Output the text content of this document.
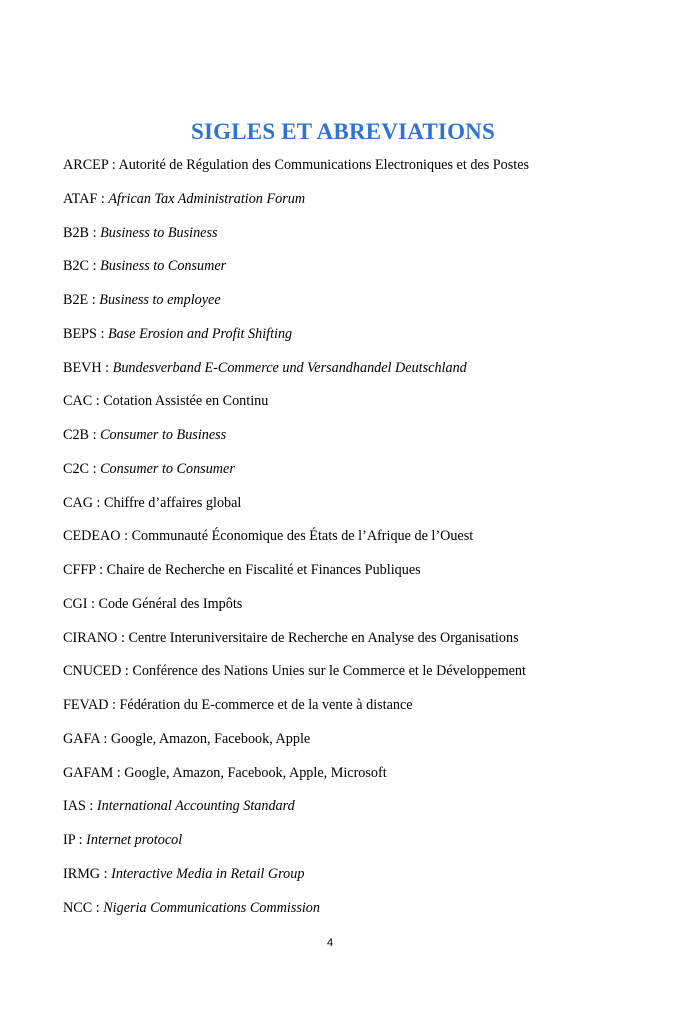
SIGLES ET ABREVIATIONS
ARCEP : Autorité de Régulation des Communications Electroniques et des Postes
ATAF : African Tax Administration Forum
B2B : Business to Business
B2C : Business to Consumer
B2E : Business to employee
BEPS : Base Erosion and Profit Shifting
BEVH : Bundesverband E-Commerce und Versandhandel Deutschland
CAC : Cotation Assistée en Continu
C2B : Consumer to Business
C2C : Consumer to Consumer
CAG : Chiffre d’affaires global
CEDEAO : Communauté Économique des États de l’Afrique de l’Ouest
CFFP : Chaire de Recherche en Fiscalité et Finances Publiques
CGI : Code Général des Impôts
CIRANO : Centre Interuniversitaire de Recherche en Analyse des Organisations
CNUCED : Conférence des Nations Unies sur le Commerce et le Développement
FEVAD : Fédération du E-commerce et de la vente à distance
GAFA : Google, Amazon, Facebook, Apple
GAFAM : Google, Amazon, Facebook, Apple, Microsoft
IAS : International Accounting Standard
IP : Internet protocol
IRMG : Interactive Media in Retail Group
NCC : Nigeria Communications Commission
4
